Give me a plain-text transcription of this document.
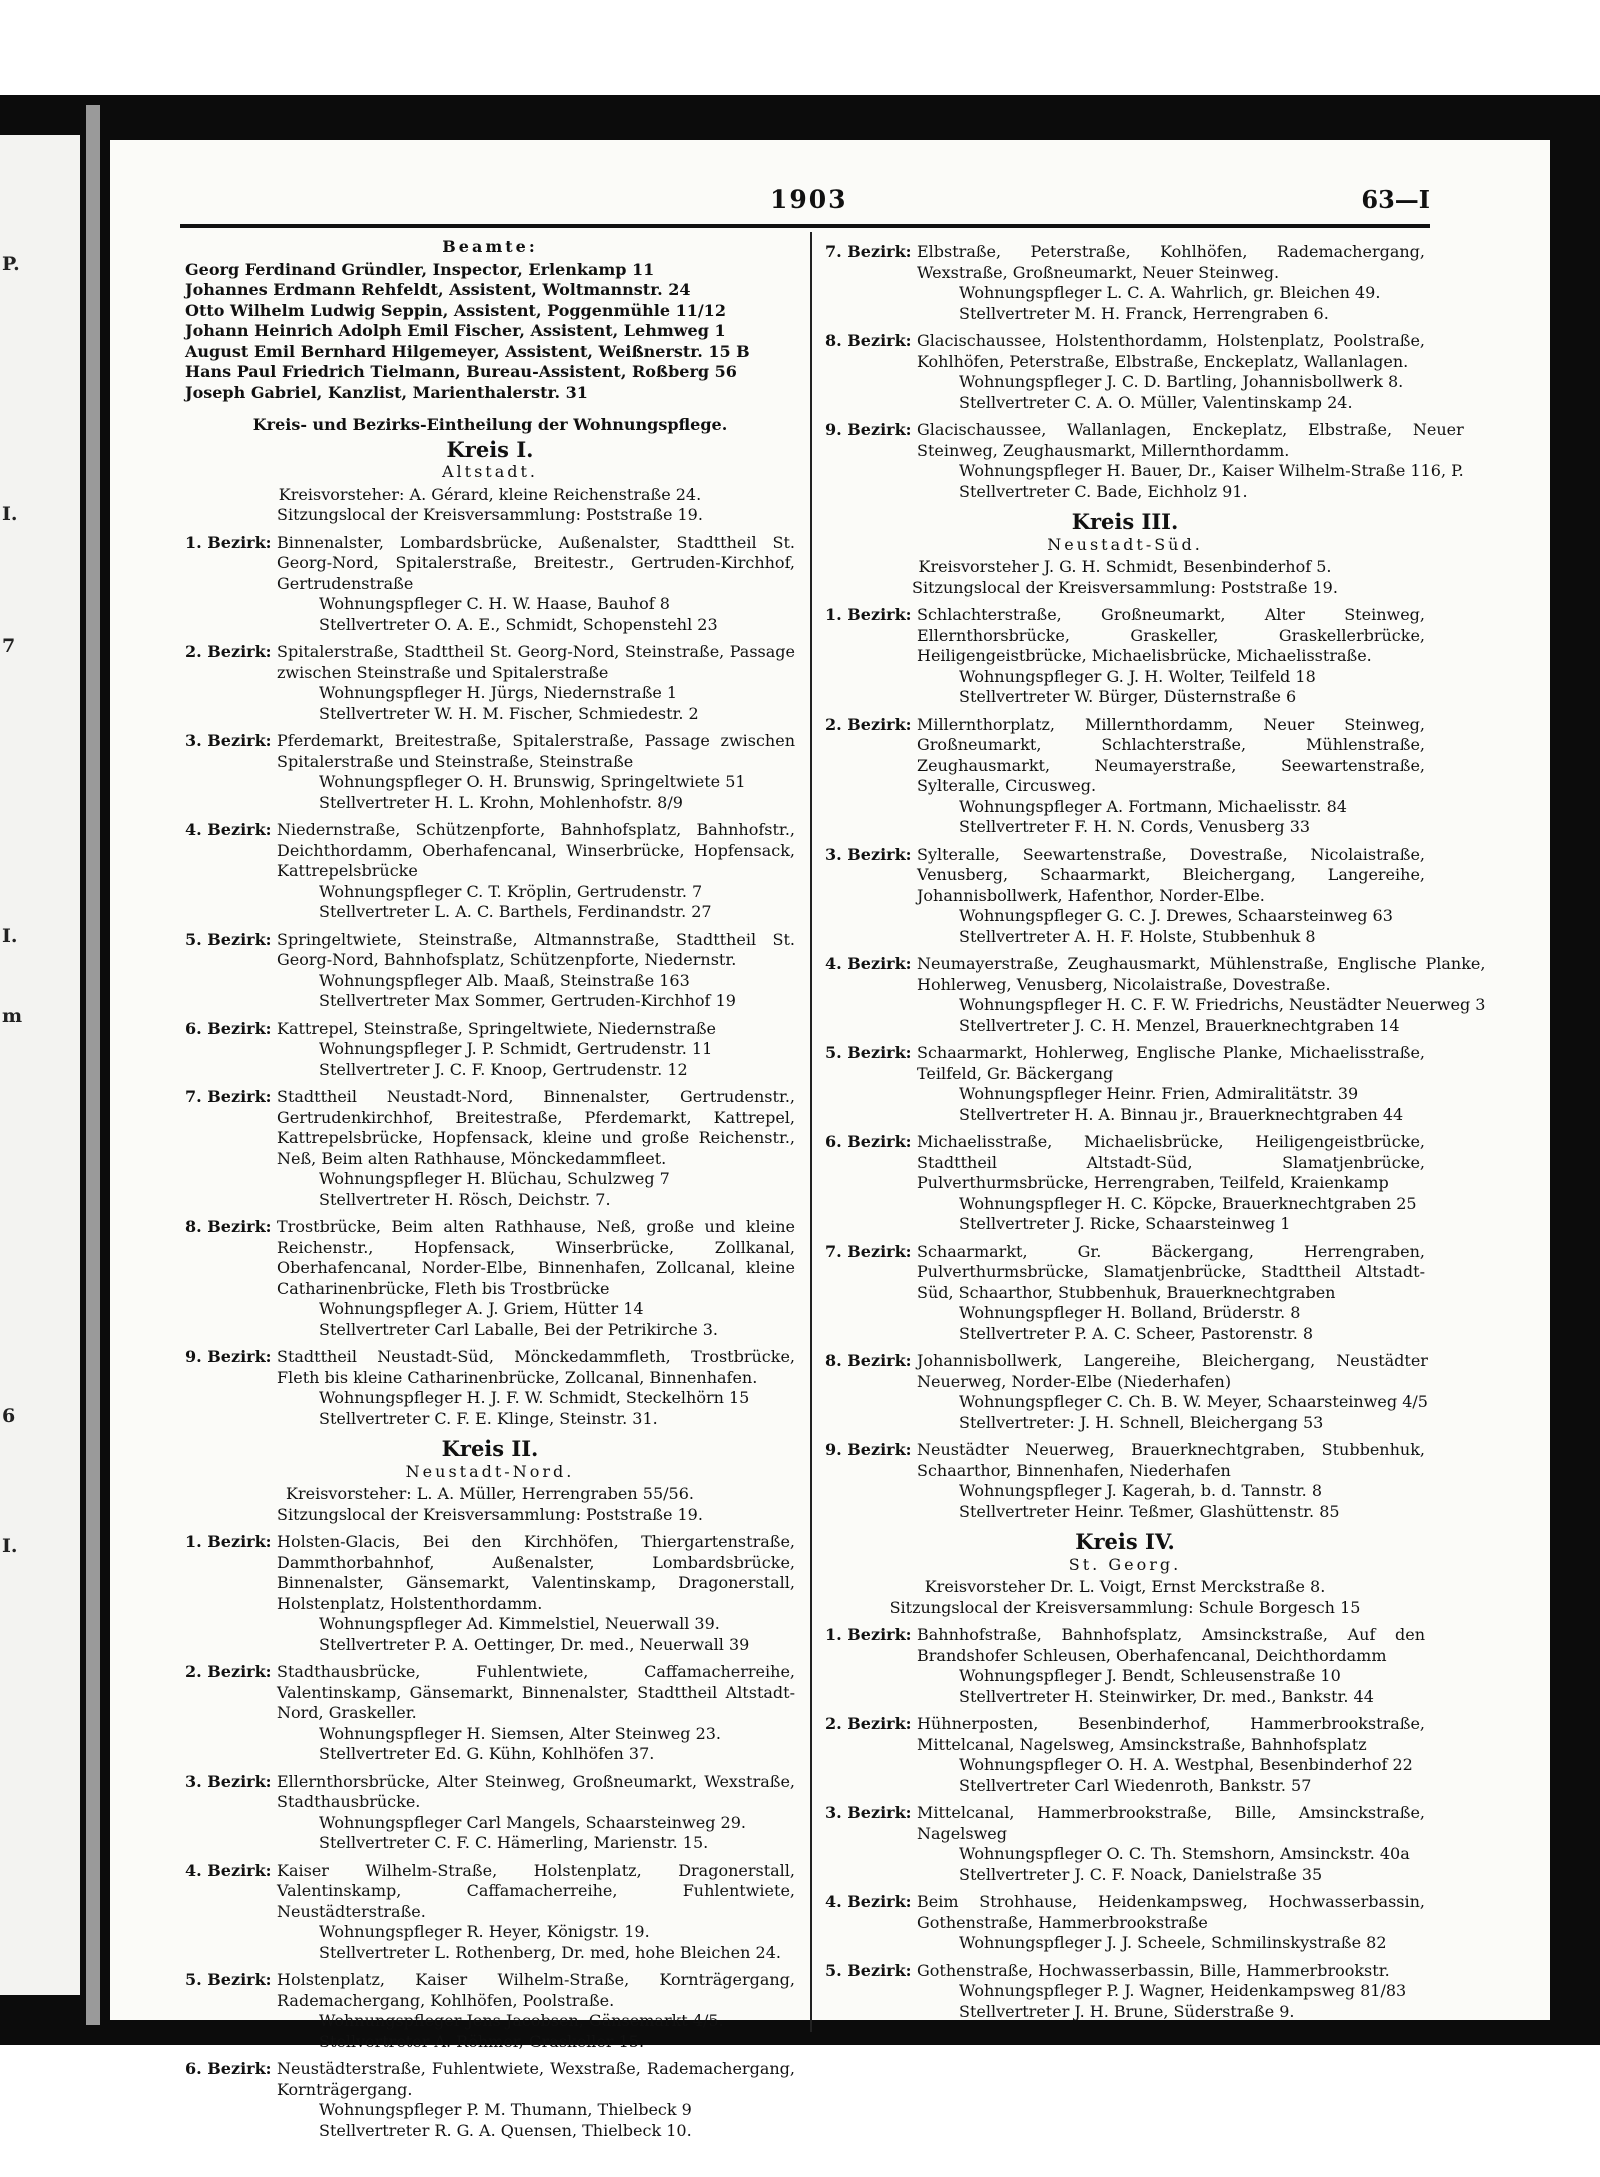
P.
I.
7
I.
m
6
I.
1903	63—I
Beamte:
Georg Ferdinand Gründler, Inspector, Erlenkamp 11
Johannes Erdmann Rehfeldt, Assistent, Woltmannstr. 24
Otto Wilhelm Ludwig Seppin, Assistent, Poggenmühle 11/12
Johann Heinrich Adolph Emil Fischer, Assistent, Lehmweg 1
August Emil Bernhard Hilgemeyer, Assistent, Weißnerstr. 15 B
Hans Paul Friedrich Tielmann, Bureau-Assistent, Roßberg 56
Joseph Gabriel, Kanzlist, Marienthalerstr. 31
Kreis- und Bezirks-Eintheilung der Wohnungspflege.
Kreis I.
Altstadt.
Kreisvorsteher: A. Gérard, kleine Reichenstraße 24.
Sitzungslocal der Kreisversammlung: Poststraße 19.
1. Bezirk: Binnenalster, Lombardsbrücke, Außenalster, Stadttheil St. Georg-Nord, Spitalerstraße, Breitestr., Gertruden-Kirchhof, Gertrudenstraße
Wohnungspfleger C. H. W. Haase, Bauhof 8
Stellvertreter O. A. E., Schmidt, Schopenstehl 23
2. Bezirk: Spitalerstraße, Stadttheil St. Georg-Nord, Steinstraße, Passage zwischen Steinstraße und Spitalerstraße
Wohnungspfleger H. Jürgs, Niedernstraße 1
Stellvertreter W. H. M. Fischer, Schmiedestr. 2
3. Bezirk: Pferdemarkt, Breitestraße, Spitalerstraße, Passage zwischen Spitalerstraße und Steinstraße, Steinstraße
Wohnungspfleger O. H. Brunswig, Springeltwiete 51
Stellvertreter H. L. Krohn, Mohlenhofstr. 8/9
4. Bezirk: Niedernstraße, Schützenpforte, Bahnhofsplatz, Bahnhofstr., Deichthordamm, Oberhafencanal, Winserbrücke, Hopfensack, Kattrepelsbrücke
Wohnungspfleger C. T. Kröplin, Gertrudenstr. 7
Stellvertreter L. A. C. Barthels, Ferdinandstr. 27
5. Bezirk: Springeltwiete, Steinstraße, Altmannstraße, Stadttheil St. Georg-Nord, Bahnhofsplatz, Schützenpforte, Niedernstr.
Wohnungspfleger Alb. Maaß, Steinstraße 163
Stellvertreter Max Sommer, Gertruden-Kirchhof 19
6. Bezirk: Kattrepel, Steinstraße, Springeltwiete, Niedernstraße
Wohnungspfleger J. P. Schmidt, Gertrudenstr. 11
Stellvertreter J. C. F. Knoop, Gertrudenstr. 12
7. Bezirk: Stadttheil Neustadt-Nord, Binnenalster, Gertrudenstr., Gertrudenkirchhof, Breitestraße, Pferdemarkt, Kattrepel, Kattrepelsbrücke, Hopfensack, kleine und große Reichenstr., Neß, Beim alten Rathhause, Mönckedammfleet.
Wohnungspfleger H. Blüchau, Schulzweg 7
Stellvertreter H. Rösch, Deichstr. 7.
8. Bezirk: Trostbrücke, Beim alten Rathhause, Neß, große und kleine Reichenstr., Hopfensack, Winserbrücke, Zollkanal, Oberhafencanal, Norder-Elbe, Binnenhafen, Zollcanal, kleine Catharinenbrücke, Fleth bis Trostbrücke
Wohnungspfleger A. J. Griem, Hütter 14
Stellvertreter Carl Laballe, Bei der Petrikirche 3.
9. Bezirk: Stadttheil Neustadt-Süd, Mönckedammfleth, Trostbrücke, Fleth bis kleine Catharinenbrücke, Zollcanal, Binnenhafen.
Wohnungspfleger H. J. F. W. Schmidt, Steckelhörn 15
Stellvertreter C. F. E. Klinge, Steinstr. 31.
Kreis II.
Neustadt-Nord.
Kreisvorsteher: L. A. Müller, Herrengraben 55/56.
Sitzungslocal der Kreisversammlung: Poststraße 19.
1. Bezirk: Holsten-Glacis, Bei den Kirchhöfen, Thiergartenstraße, Dammthorbahnhof, Außenalster, Lombardsbrücke, Binnenalster, Gänsemarkt, Valentinskamp, Dragonerstall, Holstenplatz, Holstenthordamm.
Wohnungspfleger Ad. Kimmelstiel, Neuerwall 39.
Stellvertreter P. A. Oettinger, Dr. med., Neuerwall 39
2. Bezirk: Stadthausbrücke, Fuhlentwiete, Caffamacherreihe, Valentinskamp, Gänsemarkt, Binnenalster, Stadttheil Altstadt-Nord, Graskeller.
Wohnungspfleger H. Siemsen, Alter Steinweg 23.
Stellvertreter Ed. G. Kühn, Kohlhöfen 37.
3. Bezirk: Ellernthorsbrücke, Alter Steinweg, Großneumarkt, Wexstraße, Stadthausbrücke.
Wohnungspfleger Carl Mangels, Schaarsteinweg 29.
Stellvertreter C. F. C. Hämerling, Marienstr. 15.
4. Bezirk: Kaiser Wilhelm-Straße, Holstenplatz, Dragonerstall, Valentinskamp, Caffamacherreihe, Fuhlentwiete, Neustädterstraße.
Wohnungspfleger R. Heyer, Königstr. 19.
Stellvertreter L. Rothenberg, Dr. med, hohe Bleichen 24.
5. Bezirk: Holstenplatz, Kaiser Wilhelm-Straße, Kornträgergang, Rademachergang, Kohlhöfen, Poolstraße.
Wohnungspfleger Jens Jacobsen, Gänsemarkt 4/5.
Stellvertreter A. Röhmer, Graskeller 15.
6. Bezirk: Neustädterstraße, Fuhlentwiete, Wexstraße, Rademachergang, Kornträgergang.
Wohnungspfleger P. M. Thumann, Thielbeck 9
Stellvertreter R. G. A. Quensen, Thielbeck 10.
7. Bezirk: Elbstraße, Peterstraße, Kohlhöfen, Rademachergang, Wexstraße, Großneumarkt, Neuer Steinweg.
Wohnungspfleger L. C. A. Wahrlich, gr. Bleichen 49.
Stellvertreter M. H. Franck, Herrengraben 6.
8. Bezirk: Glacischaussee, Holstenthordamm, Holstenplatz, Poolstraße, Kohlhöfen, Peterstraße, Elbstraße, Enckeplatz, Wallanlagen.
Wohnungspfleger J. C. D. Bartling, Johannisbollwerk 8.
Stellvertreter C. A. O. Müller, Valentinskamp 24.
9. Bezirk: Glacischaussee, Wallanlagen, Enckeplatz, Elbstraße, Neuer Steinweg, Zeughausmarkt, Millernthordamm.
Wohnungspfleger H. Bauer, Dr., Kaiser Wilhelm-Straße 116, P.
Stellvertreter C. Bade, Eichholz 91.
Kreis III.
Neustadt-Süd.
Kreisvorsteher J. G. H. Schmidt, Besenbinderhof 5.
Sitzungslocal der Kreisversammlung: Poststraße 19.
1. Bezirk: Schlachterstraße, Großneumarkt, Alter Steinweg, Ellernthorsbrücke, Graskeller, Graskellerbrücke, Heiligengeistbrücke, Michaelisbrücke, Michaelisstraße.
Wohnungspfleger G. J. H. Wolter, Teilfeld 18
Stellvertreter W. Bürger, Düsternstraße 6
2. Bezirk: Millernthorplatz, Millernthordamm, Neuer Steinweg, Großneumarkt, Schlachterstraße, Mühlenstraße, Zeughausmarkt, Neumayerstraße, Seewartenstraße, Sylteralle, Circusweg.
Wohnungspfleger A. Fortmann, Michaelisstr. 84
Stellvertreter F. H. N. Cords, Venusberg 33
3. Bezirk: Sylteralle, Seewartenstraße, Dovestraße, Nicolaistraße, Venusberg, Schaarmarkt, Bleichergang, Langereihe, Johannisbollwerk, Hafenthor, Norder-Elbe.
Wohnungspfleger G. C. J. Drewes, Schaarsteinweg 63
Stellvertreter A. H. F. Holste, Stubbenhuk 8
4. Bezirk: Neumayerstraße, Zeughausmarkt, Mühlenstraße, Englische Planke, Hohlerweg, Venusberg, Nicolaistraße, Dovestraße.
Wohnungspfleger H. C. F. W. Friedrichs, Neustädter Neuerweg 3
Stellvertreter J. C. H. Menzel, Brauerknechtgraben 14
5. Bezirk: Schaarmarkt, Hohlerweg, Englische Planke, Michaelisstraße, Teilfeld, Gr. Bäckergang
Wohnungspfleger Heinr. Frien, Admiralitätstr. 39
Stellvertreter H. A. Binnau jr., Brauerknechtgraben 44
6. Bezirk: Michaelisstraße, Michaelisbrücke, Heiligengeistbrücke, Stadttheil Altstadt-Süd, Slamatjenbrücke, Pulverthurmsbrücke, Herrengraben, Teilfeld, Kraienkamp
Wohnungspfleger H. C. Köpcke, Brauerknechtgraben 25
Stellvertreter J. Ricke, Schaarsteinweg 1
7. Bezirk: Schaarmarkt, Gr. Bäckergang, Herrengraben, Pulverthurmsbrücke, Slamatjenbrücke, Stadttheil Altstadt-Süd, Schaarthor, Stubbenhuk, Brauerknechtgraben
Wohnungspfleger H. Bolland, Brüderstr. 8
Stellvertreter P. A. C. Scheer, Pastorenstr. 8
8. Bezirk: Johannisbollwerk, Langereihe, Bleichergang, Neustädter Neuerweg, Norder-Elbe (Niederhafen)
Wohnungspfleger C. Ch. B. W. Meyer, Schaarsteinweg 4/5
Stellvertreter: J. H. Schnell, Bleichergang 53
9. Bezirk: Neustädter Neuerweg, Brauerknechtgraben, Stubbenhuk, Schaarthor, Binnenhafen, Niederhafen
Wohnungspfleger J. Kagerah, b. d. Tannstr. 8
Stellvertreter Heinr. Teßmer, Glashüttenstr. 85
Kreis IV.
St. Georg.
Kreisvorsteher Dr. L. Voigt, Ernst Merckstraße 8.
Sitzungslocal der Kreisversammlung: Schule Borgesch 15
1. Bezirk: Bahnhofstraße, Bahnhofsplatz, Amsinckstraße, Auf den Brandshofer Schleusen, Oberhafencanal, Deichthordamm
Wohnungspfleger J. Bendt, Schleusenstraße 10
Stellvertreter H. Steinwirker, Dr. med., Bankstr. 44
2. Bezirk: Hühnerposten, Besenbinderhof, Hammerbrookstraße, Mittelcanal, Nagelsweg, Amsinckstraße, Bahnhofsplatz
Wohnungspfleger O. H. A. Westphal, Besenbinderhof 22
Stellvertreter Carl Wiedenroth, Bankstr. 57
3. Bezirk: Mittelcanal, Hammerbrookstraße, Bille, Amsinckstraße, Nagelsweg
Wohnungspfleger O. C. Th. Stemshorn, Amsinckstr. 40a
Stellvertreter J. C. F. Noack, Danielstraße 35
4. Bezirk: Beim Strohhause, Heidenkampsweg, Hochwasserbassin, Gothenstraße, Hammerbrookstraße
Wohnungspfleger J. J. Scheele, Schmilinskystraße 82
5. Bezirk: Gothenstraße, Hochwasserbassin, Bille, Hammerbrookstr.
Wohnungspfleger P. J. Wagner, Heidenkampsweg 81/83
Stellvertreter J. H. Brune, Süderstraße 9.
